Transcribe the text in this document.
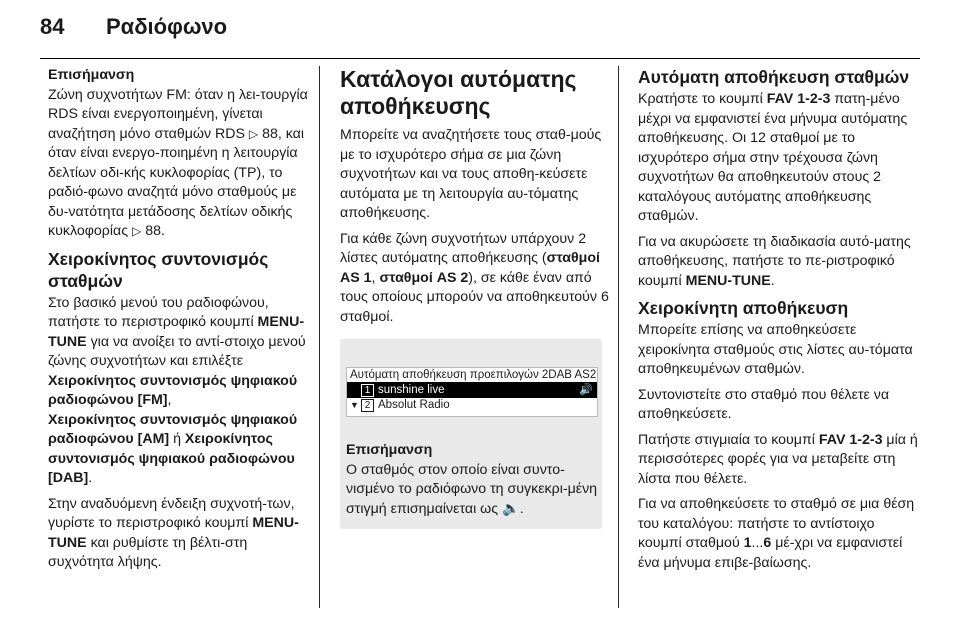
84 Ραδιόφωνο

Επισήμανση
Ζώνη συχνοτήτων FM: όταν η λει-τουργία RDS είναι ενεργοποιημένη, γίνεται αναζήτηση μόνο σταθμών RDS ▷ 88, και όταν είναι ενεργο-ποιημένη η λειτουργία δελτίων οδι-κής κυκλοφορίας (TP), το ραδιό-φωνο αναζητά μόνο σταθμούς με δυ-νατότητα μετάδοσης δελτίων οδικής κυκλοφορίας ▷ 88.

Χειροκίνητος συντονισμός σταθμών

Στο βασικό μενού του ραδιοφώνου, πατήστε το περιστροφικό κουμπί MENU-TUNE για να ανοίξει το αντί-στοιχο μενού ζώνης συχνοτήτων και επιλέξτε Χειροκίνητος συντονισμός ψηφιακού ραδιοφώνου [FM],
Χειροκίνητος συντονισμός ψηφιακού ραδιοφώνου [AM] ή Χειροκίνητος συντονισμός ψηφιακού ραδιοφώνου [DAB].

Στην αναδυόμενη ένδειξη συχνοτή-των, γυρίστε το περιστροφικό κουμπί MENU-TUNE και ρυθμίστε τη βέλτι-στη συχνότητα λήψης.

Κατάλογοι αυτόματης αποθήκευσης

Μπορείτε να αναζητήσετε τους σταθ-μούς με το ισχυρότερο σήμα σε μια ζώνη συχνοτήτων και να τους αποθη-κεύσετε αυτόματα με τη λειτουργία αυ-τόματης αποθήκευσης.

Για κάθε ζώνη συχνοτήτων υπάρχουν 2 λίστες αυτόματης αποθήκευσης (σταθμοί AS 1, σταθμοί AS 2), σε κάθε έναν από τους οποίους μπορούν να αποθηκευτούν 6 σταθμοί.

Αυτόματη αποθήκευση προεπιλογών 2DAB AS2
1 sunshine live	🔊
▼ 2 Absolut Radio
Επισήμανση
Ο σταθμός στον οποίο είναι συντο-νισμένο το ραδιόφωνο τη συγκεκρι-μένη στιγμή επισημαίνεται ως 🔈.
Αυτόματη αποθήκευση σταθμών

Κρατήστε το κουμπί FAV 1-2-3 πατη-μένο μέχρι να εμφανιστεί ένα μήνυμα αυτόματης αποθήκευσης. Οι 12 σταθμοί με το ισχυρότερο σήμα στην τρέχουσα ζώνη συχνοτήτων θα αποθηκευτούν στους 2 καταλόγους αυτόματης αποθήκευσης σταθμών.

Για να ακυρώσετε τη διαδικασία αυτό-ματης αποθήκευσης, πατήστε το πε-ριστροφικό κουμπί MENU-TUNE.

Χειροκίνητη αποθήκευση

Μπορείτε επίσης να αποθηκεύσετε χειροκίνητα σταθμούς στις λίστες αυ-τόματα αποθηκευμένων σταθμών.

Συντονιστείτε στο σταθμό που θέλετε να αποθηκεύσετε.

Πατήστε στιγμιαία το κουμπί FAV 1-2-3 μία ή περισσότερες φορές για να μεταβείτε στη λίστα που θέλετε.

Για να αποθηκεύσετε το σταθμό σε μια θέση του καταλόγου: πατήστε το αντίστοιχο κουμπί σταθμού 1...6 μέ-χρι να εμφανιστεί ένα μήνυμα επιβε-βαίωσης.
